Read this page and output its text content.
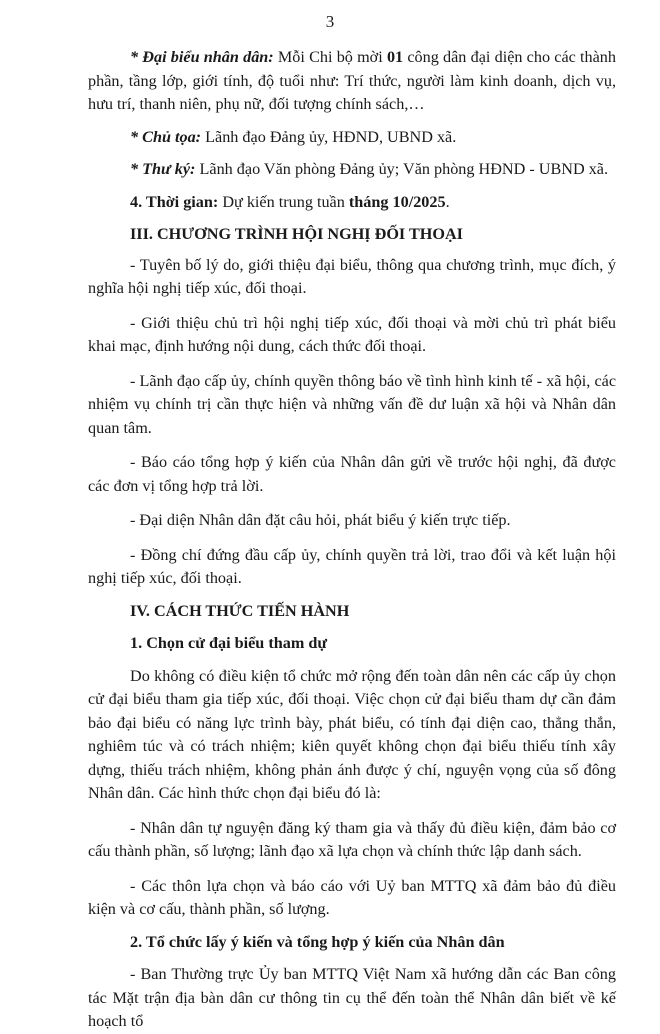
3

* Đại biểu nhân dân: Mỗi Chi bộ mời 01 công dân đại diện cho các thành phần, tầng lớp, giới tính, độ tuổi như: Trí thức, người làm kinh doanh, dịch vụ, hưu trí, thanh niên, phụ nữ, đối tượng chính sách,…

* Chủ tọa: Lãnh đạo Đảng ủy, HĐND, UBND xã.

* Thư ký: Lãnh đạo Văn phòng Đảng ủy; Văn phòng HĐND - UBND xã.

4. Thời gian: Dự kiến trung tuần tháng 10/2025.

III. CHƯƠNG TRÌNH HỘI NGHỊ ĐỐI THOẠI

- Tuyên bố lý do, giới thiệu đại biểu, thông qua chương trình, mục đích, ý nghĩa hội nghị tiếp xúc, đối thoại.

- Giới thiệu chủ trì hội nghị tiếp xúc, đối thoại và mời chủ trì phát biểu khai mạc, định hướng nội dung, cách thức đối thoại.

- Lãnh đạo cấp ủy, chính quyền thông báo về tình hình kinh tế - xã hội, các nhiệm vụ chính trị cần thực hiện và những vấn đề dư luận xã hội và Nhân dân quan tâm.

- Báo cáo tổng hợp ý kiến của Nhân dân gửi về trước hội nghị, đã được các đơn vị tổng hợp trả lời.

- Đại diện Nhân dân đặt câu hỏi, phát biểu ý kiến trực tiếp.

- Đồng chí đứng đầu cấp ủy, chính quyền trả lời, trao đổi và kết luận hội nghị tiếp xúc, đối thoại.

IV. CÁCH THỨC TIẾN HÀNH

1. Chọn cử đại biểu tham dự

Do không có điều kiện tổ chức mở rộng đến toàn dân nên các cấp ủy chọn cử đại biểu tham gia tiếp xúc, đối thoại. Việc chọn cử đại biểu tham dự cần đảm bảo đại biểu có năng lực trình bày, phát biểu, có tính đại diện cao, thẳng thắn, nghiêm túc và có trách nhiệm; kiên quyết không chọn đại biểu thiếu tính xây dựng, thiếu trách nhiệm, không phản ánh được ý chí, nguyện vọng của số đông Nhân dân. Các hình thức chọn đại biểu đó là:

- Nhân dân tự nguyện đăng ký tham gia và thấy đủ điều kiện, đảm bảo cơ cấu thành phần, số lượng; lãnh đạo xã lựa chọn và chính thức lập danh sách.

- Các thôn lựa chọn và báo cáo với Uỷ ban MTTQ xã đảm bảo đủ điều kiện và cơ cấu, thành phần, số lượng.

2. Tổ chức lấy ý kiến và tổng hợp ý kiến của Nhân dân

- Ban Thường trực Ủy ban MTTQ Việt Nam xã hướng dẫn các Ban công tác Mặt trận địa bàn dân cư thông tin cụ thể đến toàn thể Nhân dân biết về kế hoạch tổ
